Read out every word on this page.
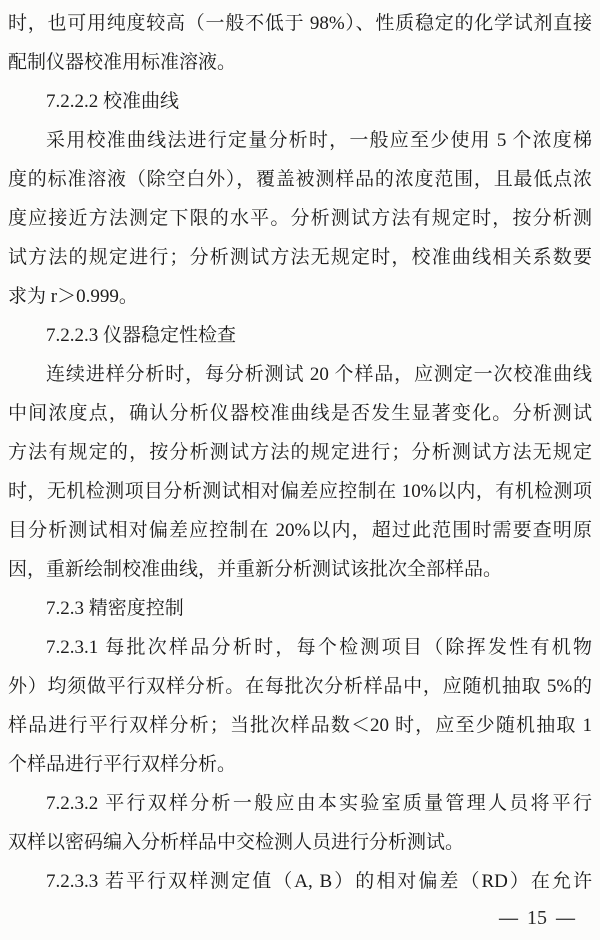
时，也可用纯度较高（一般不低于 98%）、性质稳定的化学试剂直接
配制仪器校准用标准溶液。
7.2.2.2 校准曲线
采用校准曲线法进行定量分析时，一般应至少使用 5 个浓度梯
度的标准溶液（除空白外），覆盖被测样品的浓度范围，且最低点浓
度应接近方法测定下限的水平。分析测试方法有规定时，按分析测
试方法的规定进行；分析测试方法无规定时，校准曲线相关系数要
求为 r＞0.999。
7.2.2.3 仪器稳定性检查
连续进样分析时，每分析测试 20 个样品，应测定一次校准曲线
中间浓度点，确认分析仪器校准曲线是否发生显著变化。分析测试
方法有规定的，按分析测试方法的规定进行；分析测试方法无规定
时，无机检测项目分析测试相对偏差应控制在 10%以内，有机检测项
目分析测试相对偏差应控制在 20%以内，超过此范围时需要查明原
因，重新绘制校准曲线，并重新分析测试该批次全部样品。
7.2.3 精密度控制
7.2.3.1 每批次样品分析时，每个检测项目（除挥发性有机物
外）均须做平行双样分析。在每批次分析样品中，应随机抽取 5%的
样品进行平行双样分析；当批次样品数＜20 时，应至少随机抽取 1
个样品进行平行双样分析。
7.2.3.2 平行双样分析一般应由本实验室质量管理人员将平行
双样以密码编入分析样品中交检测人员进行分析测试。
7.2.3.3 若平行双样测定值（A, B）的相对偏差（RD）在允许
— 15 —
